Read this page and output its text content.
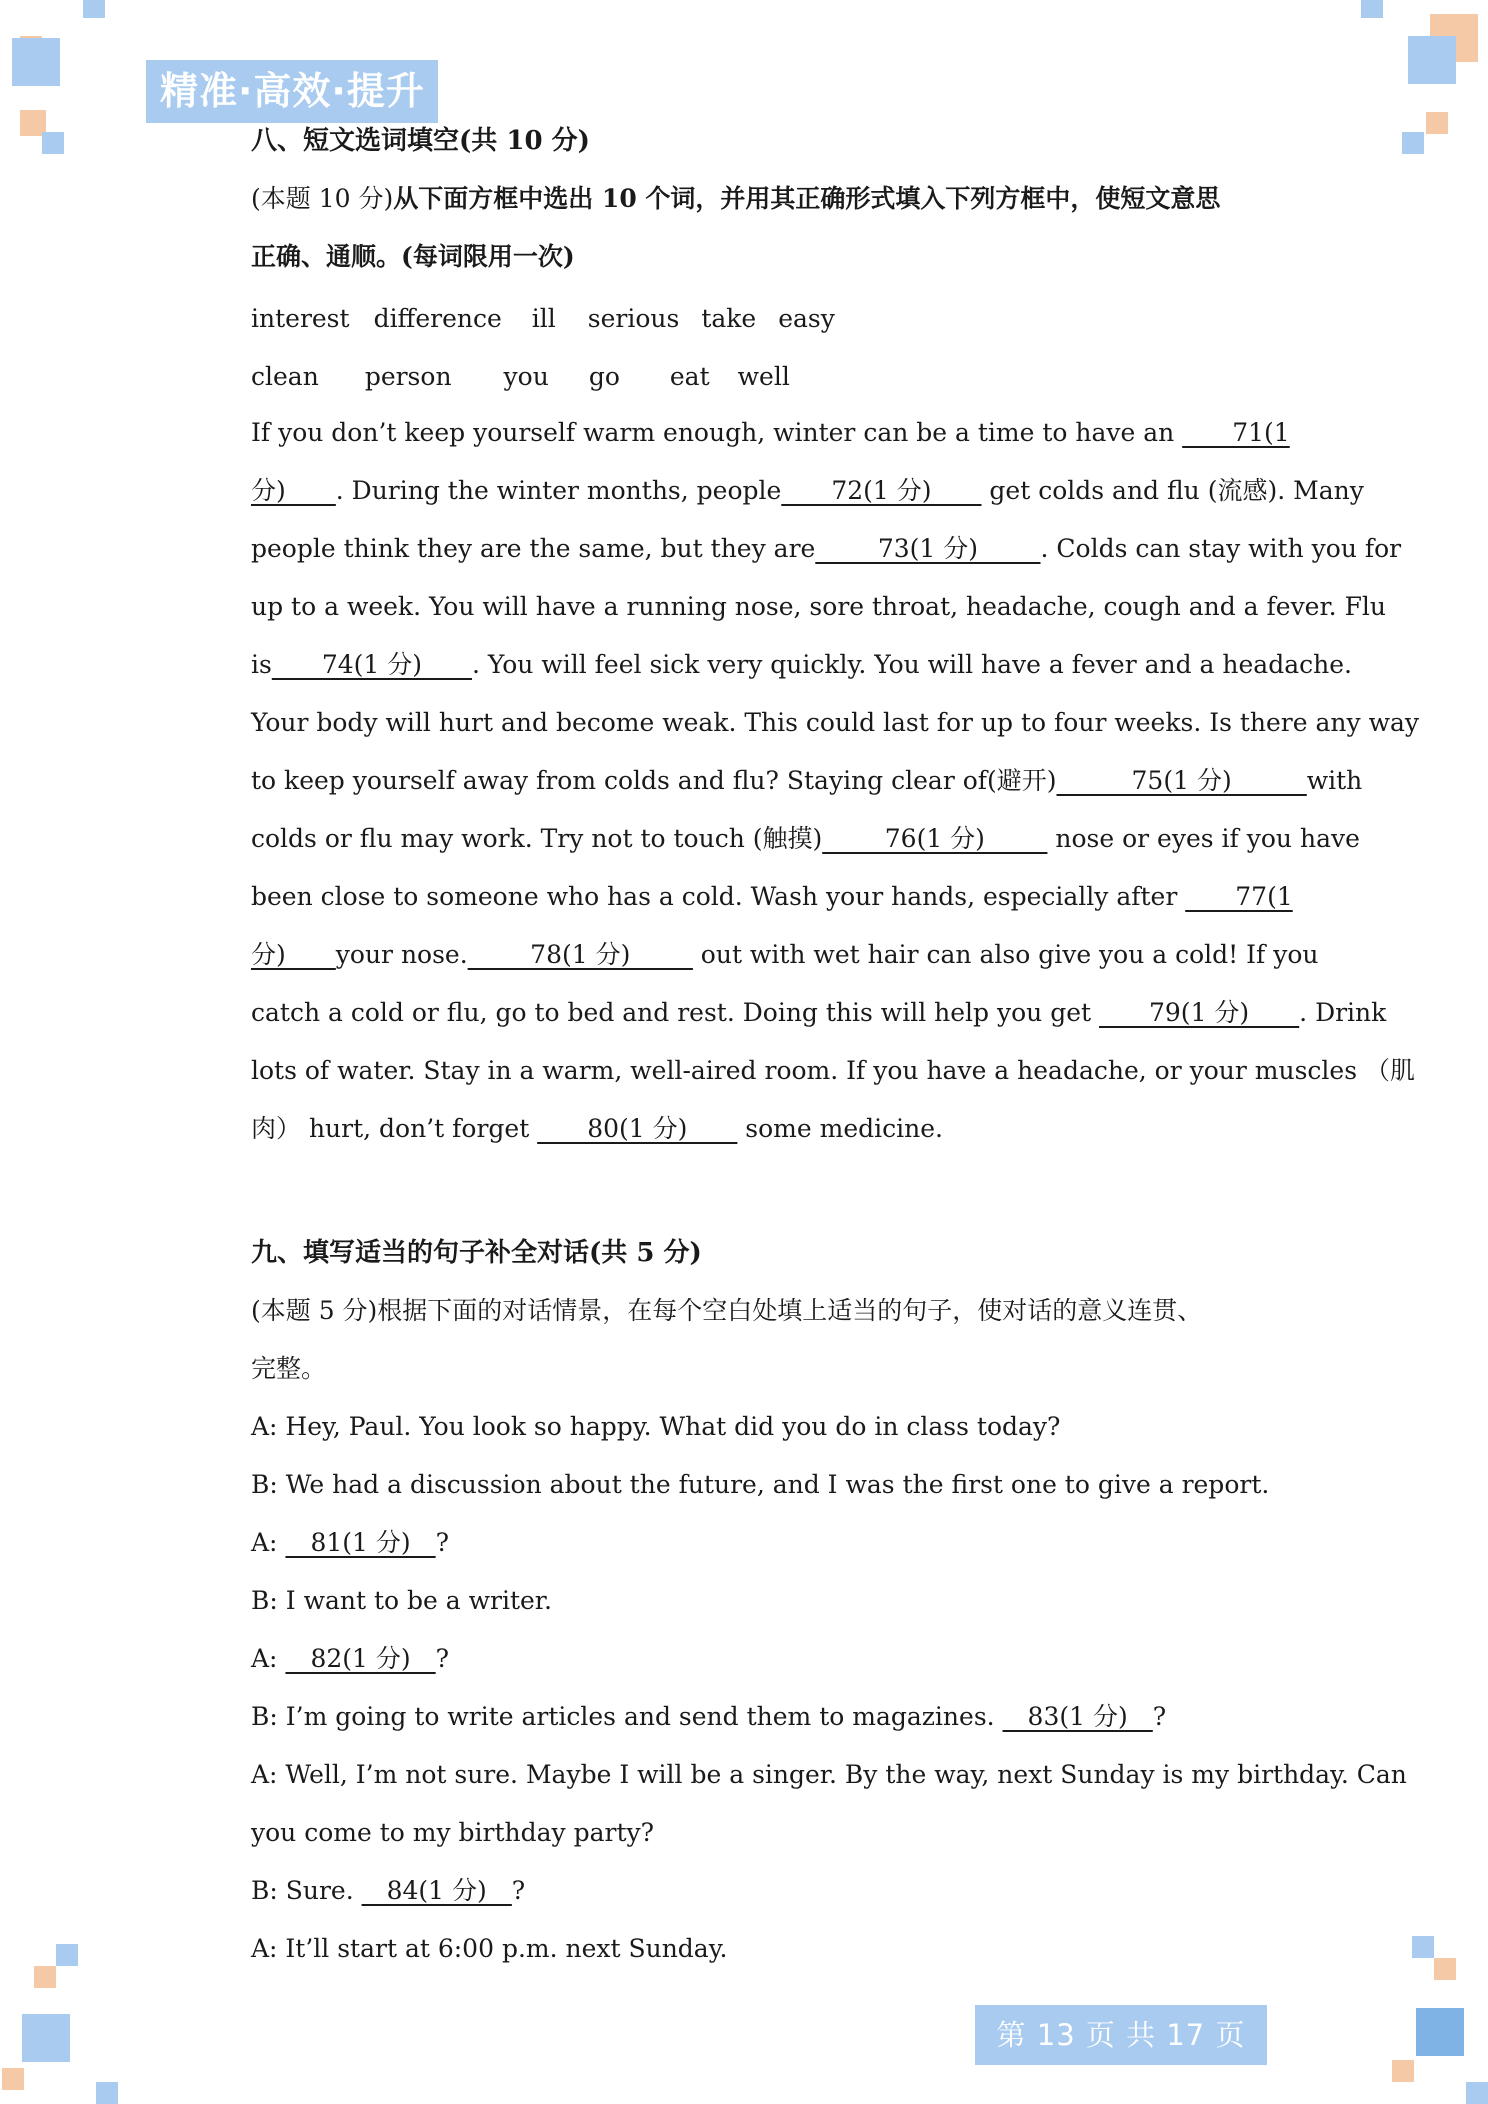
精准·高效·提升
八、短文选词填空(共 10 分)
(本题 10 分)从下面方框中选出 10 个词，并用其正确形式填入下列方框中，使短文意思
正确、通顺。(每词限用一次)
interest difference ill serious take easy
clean person you go eat well
If you don’t keep yourself warm enough, winter can be a time to have an ____71(1
分)____. During the winter months, people____72(1 分)____ get colds and flu (流感). Many
people think they are the same, but they are_____73(1 分)_____. Colds can stay with you for
up to a week. You will have a running nose, sore throat, headache, cough and a fever. Flu
is____74(1 分)____. You will feel sick very quickly. You will have a fever and a headache.
Your body will hurt and become weak. This could last for up to four weeks. Is there any way
to keep yourself away from colds and flu? Staying clear of(避开)______75(1 分)______with
colds or flu may work. Try not to touch (触摸)_____76(1 分)_____ nose or eyes if you have
been close to someone who has a cold. Wash your hands, especially after ____77(1
分)____your nose._____78(1 分)_____ out with wet hair can also give you a cold! If you
catch a cold or flu, go to bed and rest. Doing this will help you get ____79(1 分)____. Drink
lots of water. Stay in a warm, well-aired room. If you have a headache, or your muscles （肌
肉） hurt, don’t forget ____80(1 分)____ some medicine.
九、填写适当的句子补全对话(共 5 分)
(本题 5 分)根据下面的对话情景，在每个空白处填上适当的句子，使对话的意义连贯、
完整。
A: Hey, Paul. You look so happy. What did you do in class today?
B: We had a discussion about the future, and I was the first one to give a report.
A: __81(1 分)__?
B: I want to be a writer.
A: __82(1 分)__?
B: I’m going to write articles and send them to magazines. __83(1 分)__?
A: Well, I’m not sure. Maybe I will be a singer. By the way, next Sunday is my birthday. Can
you come to my birthday party?
B: Sure. __84(1 分)__?
A: It’ll start at 6:00 p.m. next Sunday.
第 13 页 共 17 页
